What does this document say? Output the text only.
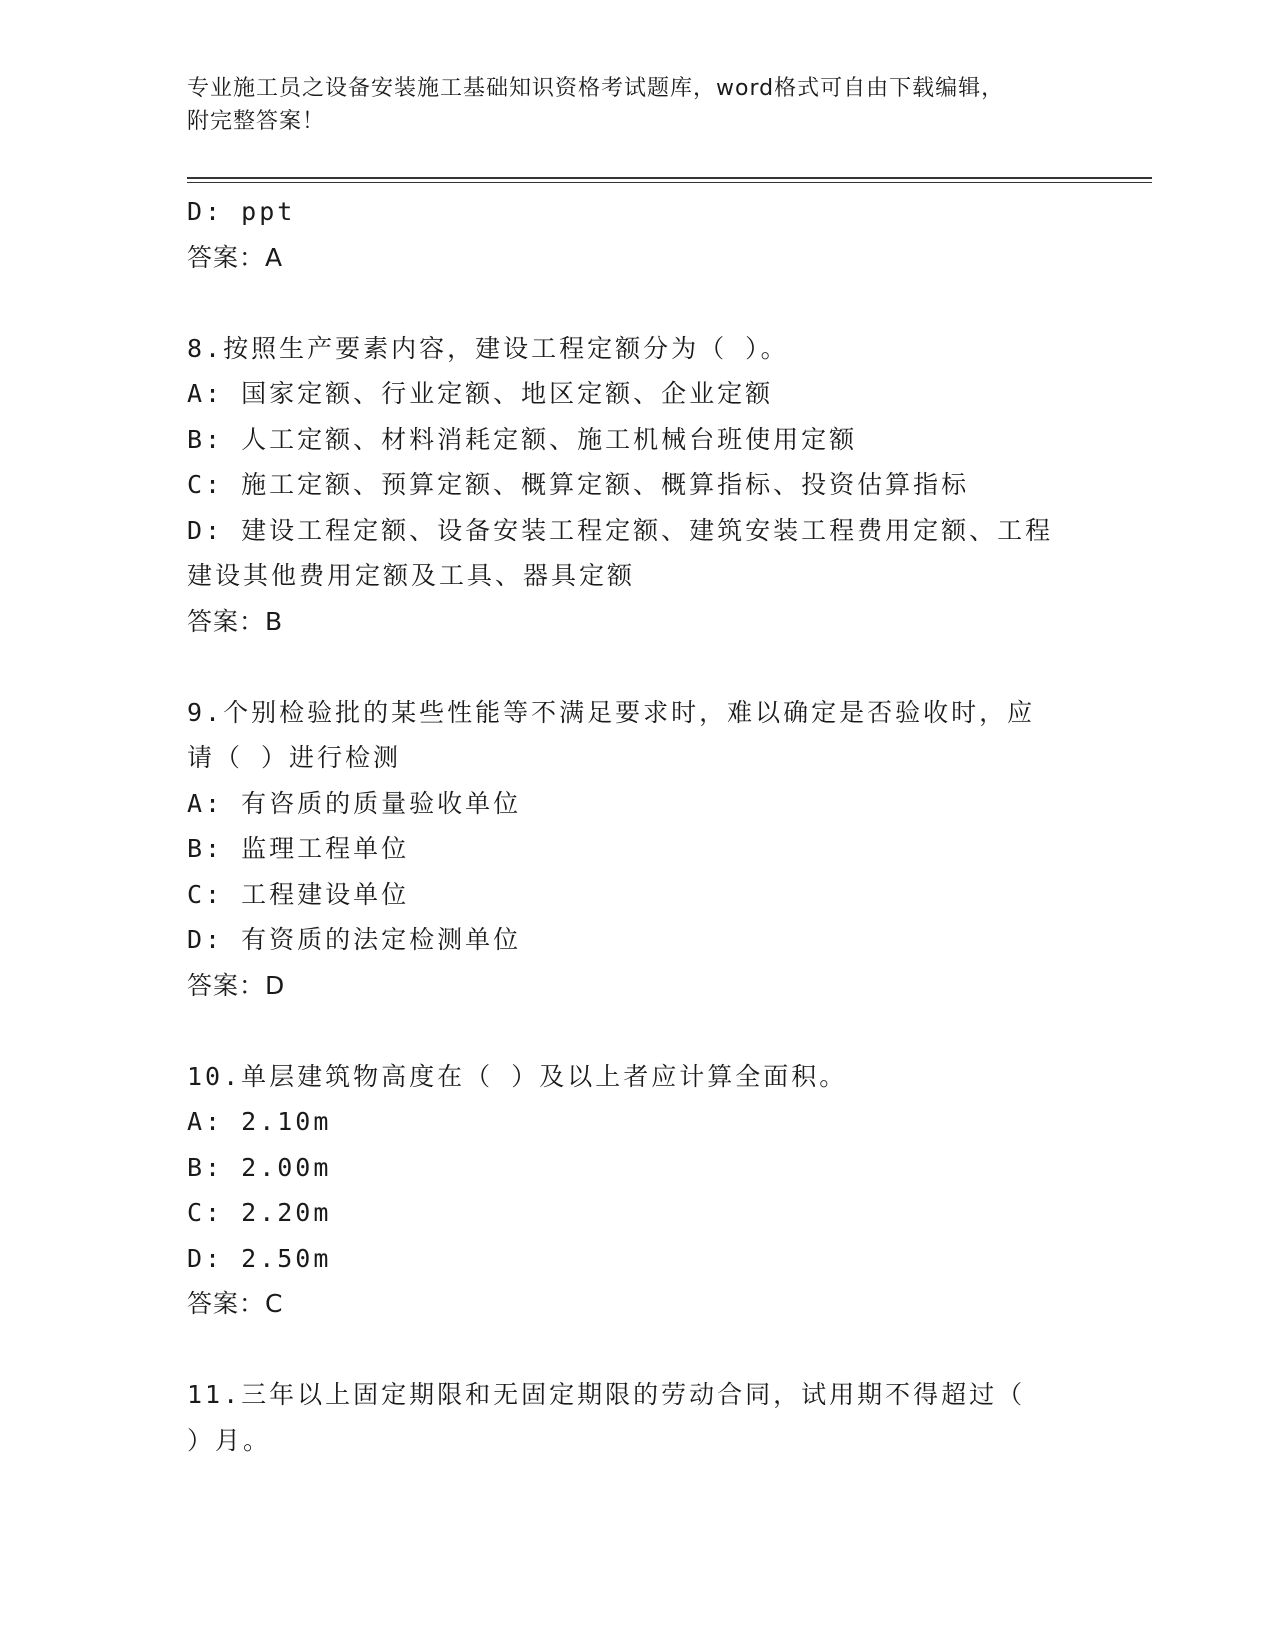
专业施工员之设备安装施工基础知识资格考试题库，word格式可自由下载编辑，
附完整答案！
D: ppt
答案：A
8.按照生产要素内容，建设工程定额分为（ ）。
A: 国家定额、行业定额、地区定额、企业定额
B: 人工定额、材料消耗定额、施工机械台班使用定额
C: 施工定额、预算定额、概算定额、概算指标、投资估算指标
D: 建设工程定额、设备安装工程定额、建筑安装工程费用定额、工程
建设其他费用定额及工具、器具定额
答案：B
9.个别检验批的某些性能等不满足要求时，难以确定是否验收时，应
请（ ）进行检测
A: 有咨质的质量验收单位
B: 监理工程单位
C: 工程建设单位
D: 有资质的法定检测单位
答案：D
10.单层建筑物高度在（ ）及以上者应计算全面积。
A: 2.10m
B: 2.00m
C: 2.20m
D: 2.50m
答案：C
11.三年以上固定期限和无固定期限的劳动合同，试用期不得超过（
）月。
